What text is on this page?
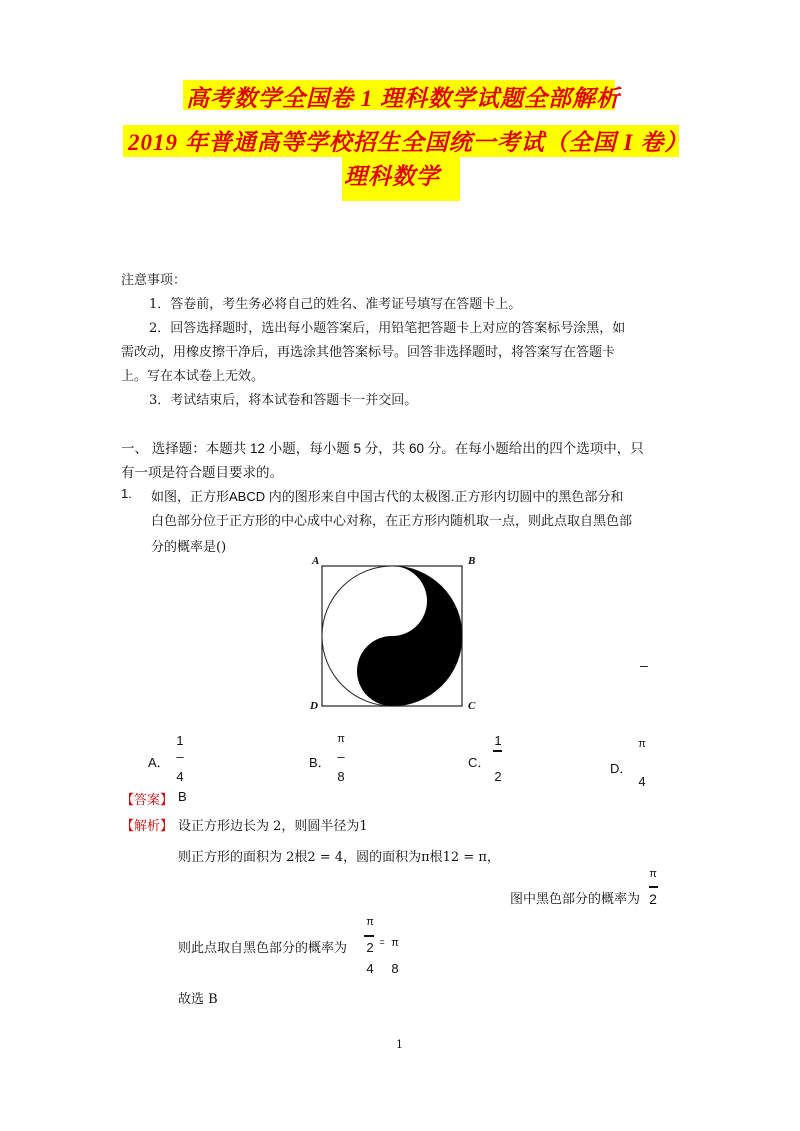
高考数学全国卷 1 理科数学试题全部解析
2019 年普通高等学校招生全国统一考试（全国 I 卷）
理科数学
注意事项：
1．答卷前，考生务必将自己的姓名、准考证号填写在答题卡上。
2．回答选择题时，选出每小题答案后，用铅笔把答题卡上对应的答案标号涂黑，如
需改动，用橡皮擦干净后，再选涂其他答案标号。回答非选择题时，将答案写在答题卡
上。写在本试卷上无效。
3．考试结束后，将本试卷和答题卡一并交回。
一、 选择题：本题共 12 小题，每小题 5 分，共 60 分。在每小题给出的四个选项中，只
有一项是符合题目要求的。
1. 如图，正方形ABCD 内的图形来自中国古代的太极图.正方形内切圆中的黑色部分和
白色部分位于正方形的中心成中心对称，在正方形内随机取一点，则此点取自黑色部
分的概率是()
A	B
D	C
–
A．
1
–
4
B．
π
–
8
C．
1
2
D．
π
4
【答案】 B
【解析】 设正方形边长为 2，则圆半径为1
则正方形的面积为 2根2 = 4，圆的面积为π根12 = π，
图中黑色部分的概率为
π
2
则此点取自黑色部分的概率为
π
2
4
= π
8
故选 B
1
